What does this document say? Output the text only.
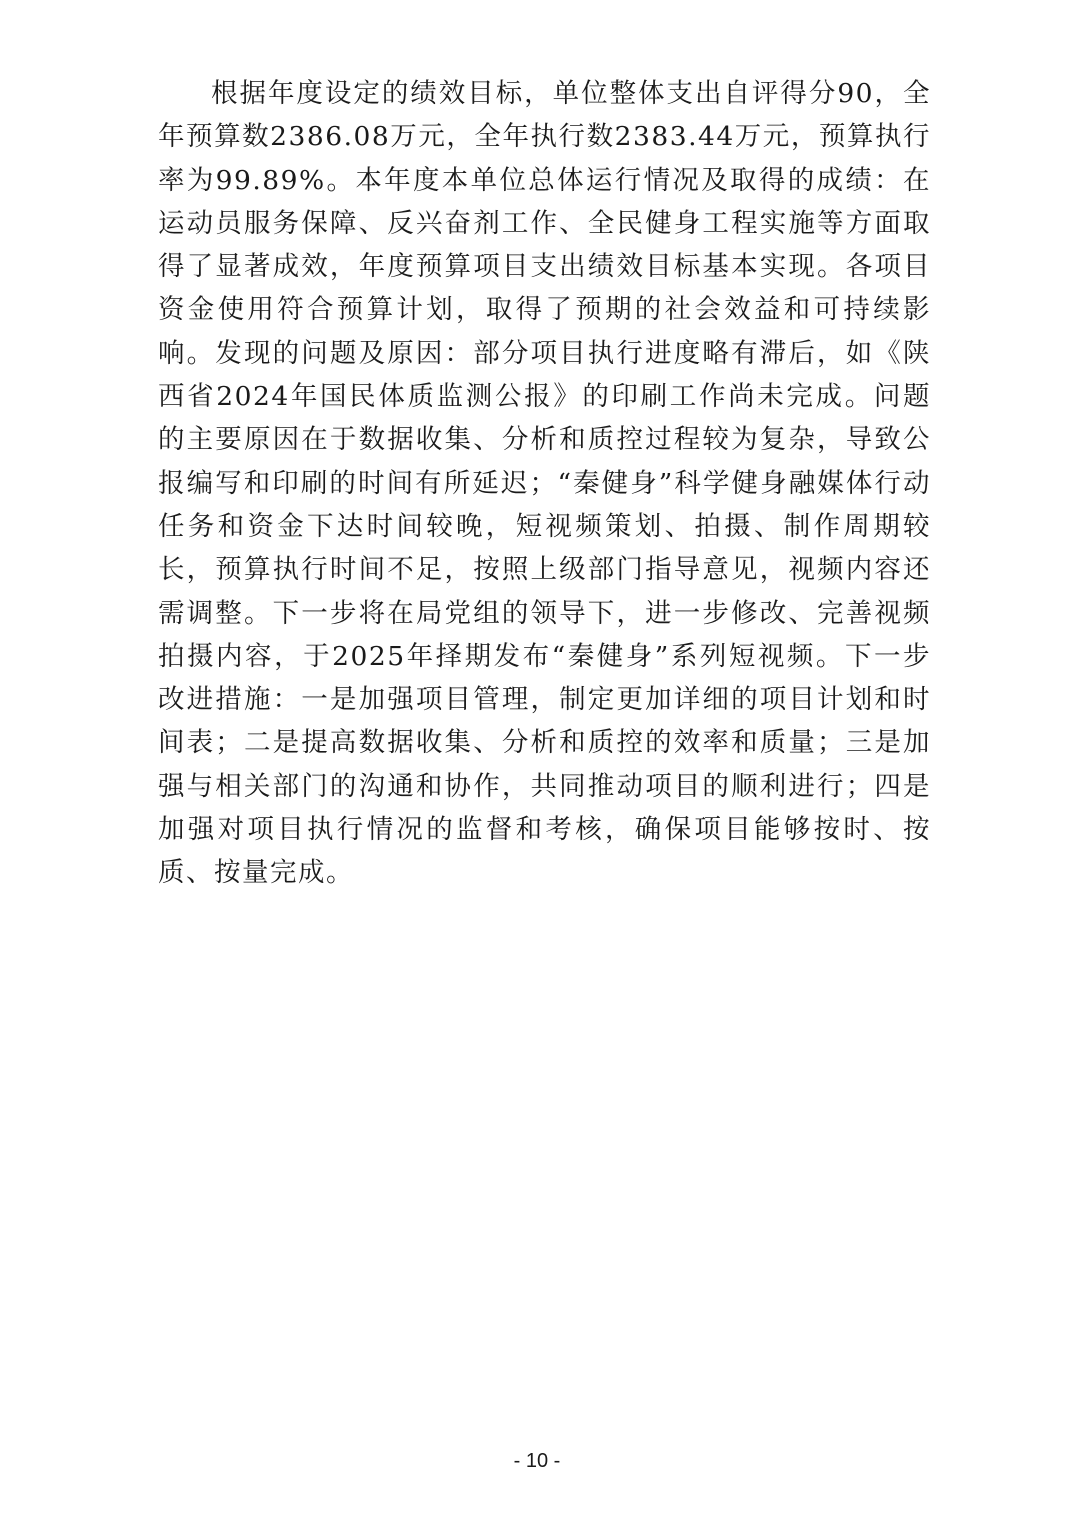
根据年度设定的绩效目标，单位整体支出自评得分90，全年预算数2386.08万元，全年执行数2383.44万元，预算执行率为99.89%。本年度本单位总体运行情况及取得的成绩：在运动员服务保障、反兴奋剂工作、全民健身工程实施等方面取得了显著成效，年度预算项目支出绩效目标基本实现。各项目资金使用符合预算计划，取得了预期的社会效益和可持续影响。发现的问题及原因：部分项目执行进度略有滞后，如《陕西省2024年国民体质监测公报》的印刷工作尚未完成。问题的主要原因在于数据收集、分析和质控过程较为复杂，导致公报编写和印刷的时间有所延迟；“秦健身”科学健身融媒体行动任务和资金下达时间较晚，短视频策划、拍摄、制作周期较长，预算执行时间不足，按照上级部门指导意见，视频内容还需调整。下一步将在局党组的领导下，进一步修改、完善视频拍摄内容，于2025年择期发布“秦健身”系列短视频。下一步改进措施：一是加强项目管理，制定更加详细的项目计划和时间表；二是提高数据收集、分析和质控的效率和质量；三是加强与相关部门的沟通和协作，共同推动项目的顺利进行；四是加强对项目执行情况的监督和考核，确保项目能够按时、按质、按量完成。

- 10 -
